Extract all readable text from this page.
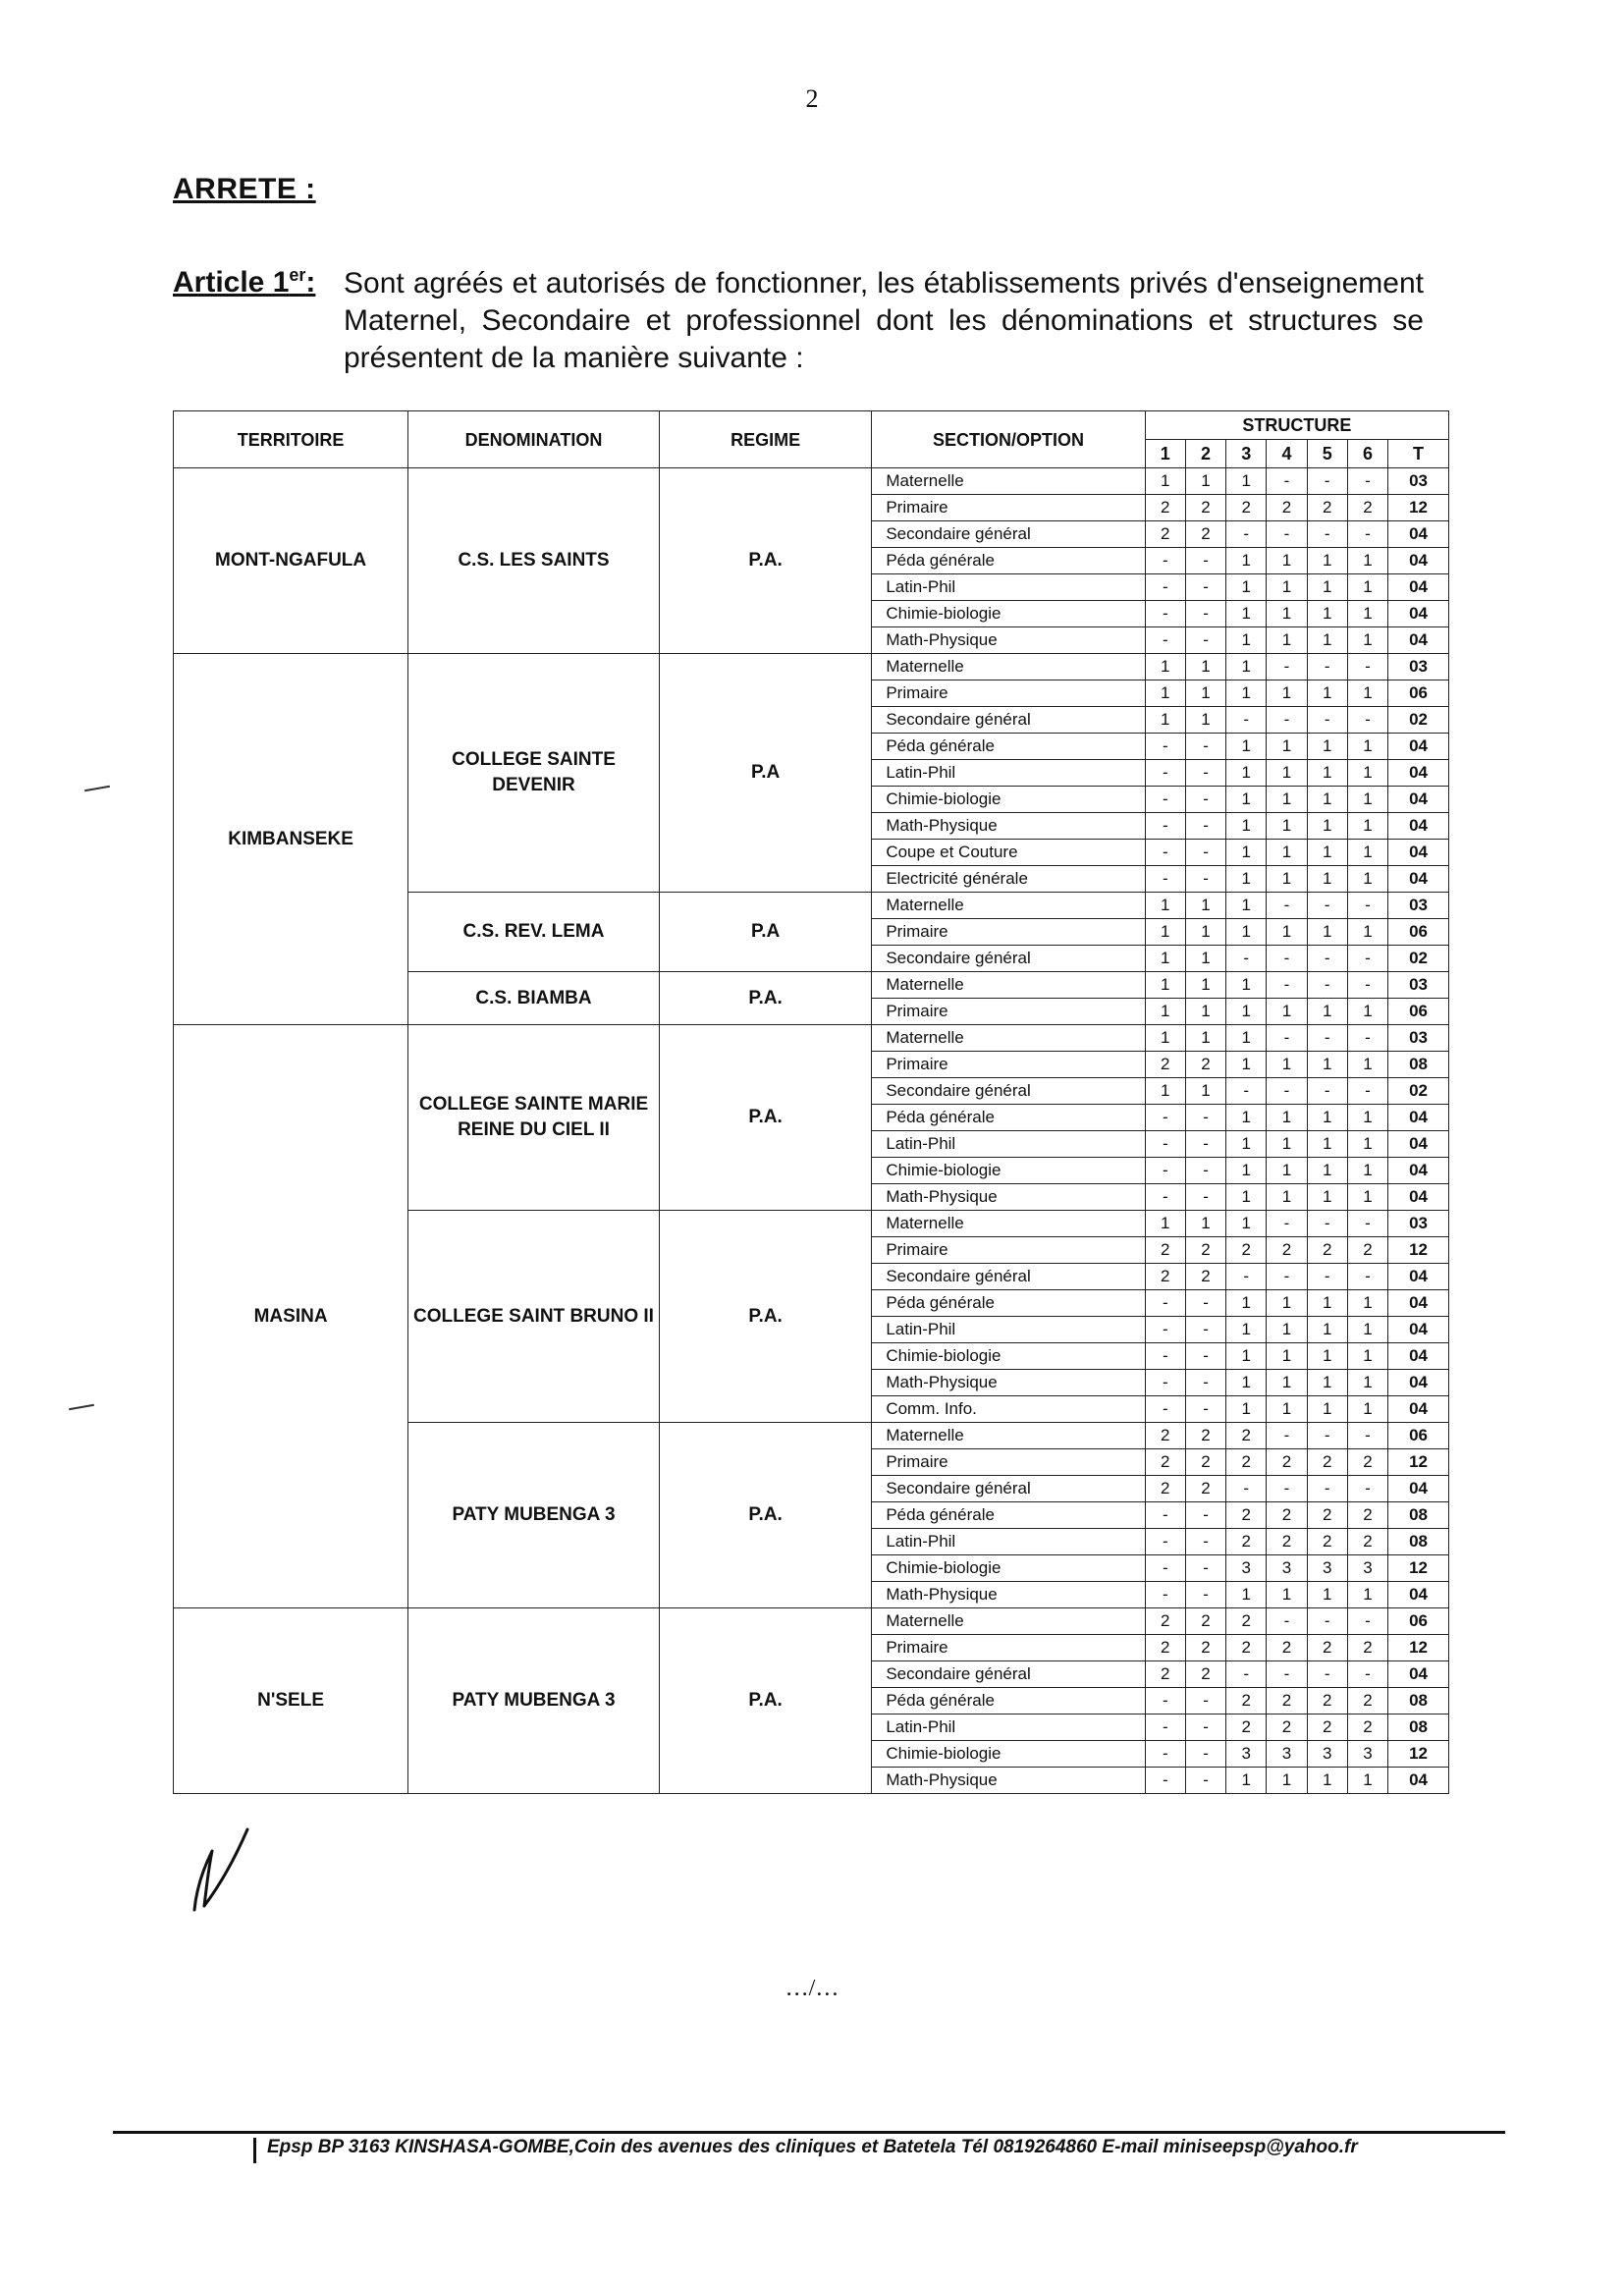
2
ARRETE :
Article 1er: Sont agréés et autorisés de fonctionner, les établissements privés d'enseignement Maternel, Secondaire et professionnel dont les dénominations et structures se présentent de la manière suivante :

TERRITOIRE	DENOMINATION	REGIME	SECTION/OPTION	STRUCTURE						
				1	2	3	4	5	6	T
MONT-NGAFULA	C.S. LES SAINTS	P.A.	Maternelle	1	1	1	-	-	-	03
			Primaire	2	2	2	2	2	2	12
			Secondaire général	2	2	-	-	-	-	04
			Péda générale	-	-	1	1	1	1	04
			Latin-Phil	-	-	1	1	1	1	04
			Chimie-biologie	-	-	1	1	1	1	04
			Math-Physique	-	-	1	1	1	1	04
KIMBANSEKE	COLLEGE SAINTE DEVENIR	P.A	Maternelle	1	1	1	-	-	-	03
			Primaire	1	1	1	1	1	1	06
			Secondaire général	1	1	-	-	-	-	02
			Péda générale	-	-	1	1	1	1	04
			Latin-Phil	-	-	1	1	1	1	04
			Chimie-biologie	-	-	1	1	1	1	04
			Math-Physique	-	-	1	1	1	1	04
			Coupe et Couture	-	-	1	1	1	1	04
			Electricité générale	-	-	1	1	1	1	04
	C.S. REV. LEMA	P.A	Maternelle	1	1	1	-	-	-	03
			Primaire	1	1	1	1	1	1	06
			Secondaire général	1	1	-	-	-	-	02
	C.S. BIAMBA	P.A.	Maternelle	1	1	1	-	-	-	03
			Primaire	1	1	1	1	1	1	06
MASINA	COLLEGE SAINTE MARIE REINE DU CIEL II	P.A.	Maternelle	1	1	1	-	-	-	03
			Primaire	2	2	1	1	1	1	08
			Secondaire général	1	1	-	-	-	-	02
			Péda générale	-	-	1	1	1	1	04
			Latin-Phil	-	-	1	1	1	1	04
			Chimie-biologie	-	-	1	1	1	1	04
			Math-Physique	-	-	1	1	1	1	04
	COLLEGE SAINT BRUNO II	P.A.	Maternelle	1	1	1	-	-	-	03
			Primaire	2	2	2	2	2	2	12
			Secondaire général	2	2	-	-	-	-	04
			Péda générale	-	-	1	1	1	1	04
			Latin-Phil	-	-	1	1	1	1	04
			Chimie-biologie	-	-	1	1	1	1	04
			Math-Physique	-	-	1	1	1	1	04
			Comm. Info.	-	-	1	1	1	1	04
	PATY MUBENGA 3	P.A.	Maternelle	2	2	2	-	-	-	06
			Primaire	2	2	2	2	2	2	12
			Secondaire général	2	2	-	-	-	-	04
			Péda générale	-	-	2	2	2	2	08
			Latin-Phil	-	-	2	2	2	2	08
			Chimie-biologie	-	-	3	3	3	3	12
			Math-Physique	-	-	1	1	1	1	04
N'SELE	PATY MUBENGA 3	P.A.	Maternelle	2	2	2	-	-	-	06
			Primaire	2	2	2	2	2	2	12
			Secondaire général	2	2	-	-	-	-	04
			Péda générale	-	-	2	2	2	2	08
			Latin-Phil	-	-	2	2	2	2	08
			Chimie-biologie	-	-	3	3	3	3	12
			Math-Physique	-	-	1	1	1	1	04
…/…
Epsp BP 3163 KINSHASA-GOMBE,Coin des avenues des cliniques et Batetela Tél 0819264860 E-mail miniseepsp@yahoo.fr
